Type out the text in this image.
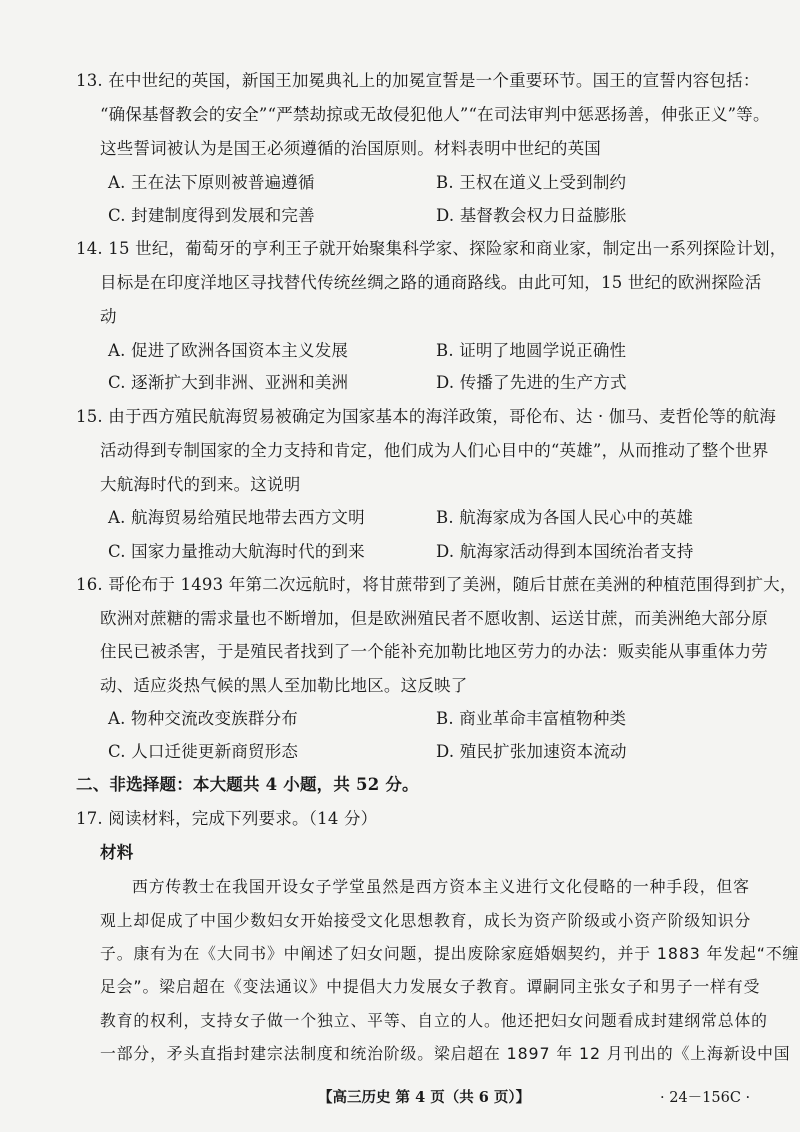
13. 在中世纪的英国，新国王加冕典礼上的加冕宣誓是一个重要环节。国王的宣誓内容包括：
“确保基督教会的安全”“严禁劫掠或无故侵犯他人”“在司法审判中惩恶扬善，伸张正义”等。
这些誓词被认为是国王必须遵循的治国原则。材料表明中世纪的英国
A. 王在法下原则被普遍遵循	B. 王权在道义上受到制约
C. 封建制度得到发展和完善	D. 基督教会权力日益膨胀
14. 15 世纪，葡萄牙的亨利王子就开始聚集科学家、探险家和商业家，制定出一系列探险计划，
目标是在印度洋地区寻找替代传统丝绸之路的通商路线。由此可知，15 世纪的欧洲探险活
动
A. 促进了欧洲各国资本主义发展	B. 证明了地圆学说正确性
C. 逐渐扩大到非洲、亚洲和美洲	D. 传播了先进的生产方式
15. 由于西方殖民航海贸易被确定为国家基本的海洋政策，哥伦布、达 · 伽马、麦哲伦等的航海
活动得到专制国家的全力支持和肯定，他们成为人们心目中的“英雄”，从而推动了整个世界
大航海时代的到来。这说明
A. 航海贸易给殖民地带去西方文明	B. 航海家成为各国人民心中的英雄
C. 国家力量推动大航海时代的到来	D. 航海家活动得到本国统治者支持
16. 哥伦布于 1493 年第二次远航时，将甘蔗带到了美洲，随后甘蔗在美洲的种植范围得到扩大，
欧洲对蔗糖的需求量也不断增加，但是欧洲殖民者不愿收割、运送甘蔗，而美洲绝大部分原
住民已被杀害，于是殖民者找到了一个能补充加勒比地区劳力的办法：贩卖能从事重体力劳
动、适应炎热气候的黑人至加勒比地区。这反映了
A. 物种交流改变族群分布	B. 商业革命丰富植物种类
C. 人口迁徙更新商贸形态	D. 殖民扩张加速资本流动
二、非选择题：本大题共 4 小题，共 52 分。
17. 阅读材料，完成下列要求。（14 分）
材料
西方传教士在我国开设女子学堂虽然是西方资本主义进行文化侵略的一种手段，但客
观上却促成了中国少数妇女开始接受文化思想教育，成长为资产阶级或小资产阶级知识分
子。康有为在《大同书》中阐述了妇女问题，提出废除家庭婚姻契约，并于 1883 年发起“不缠
足会”。梁启超在《变法通议》中提倡大力发展女子教育。谭嗣同主张女子和男子一样有受
教育的权利，支持女子做一个独立、平等、自立的人。他还把妇女问题看成封建纲常总体的
一部分，矛头直指封建宗法制度和统治阶级。梁启超在 1897 年 12 月刊出的《上海新设中国
【高三历史 第 4 页（共 6 页）】	· 24－156C ·
